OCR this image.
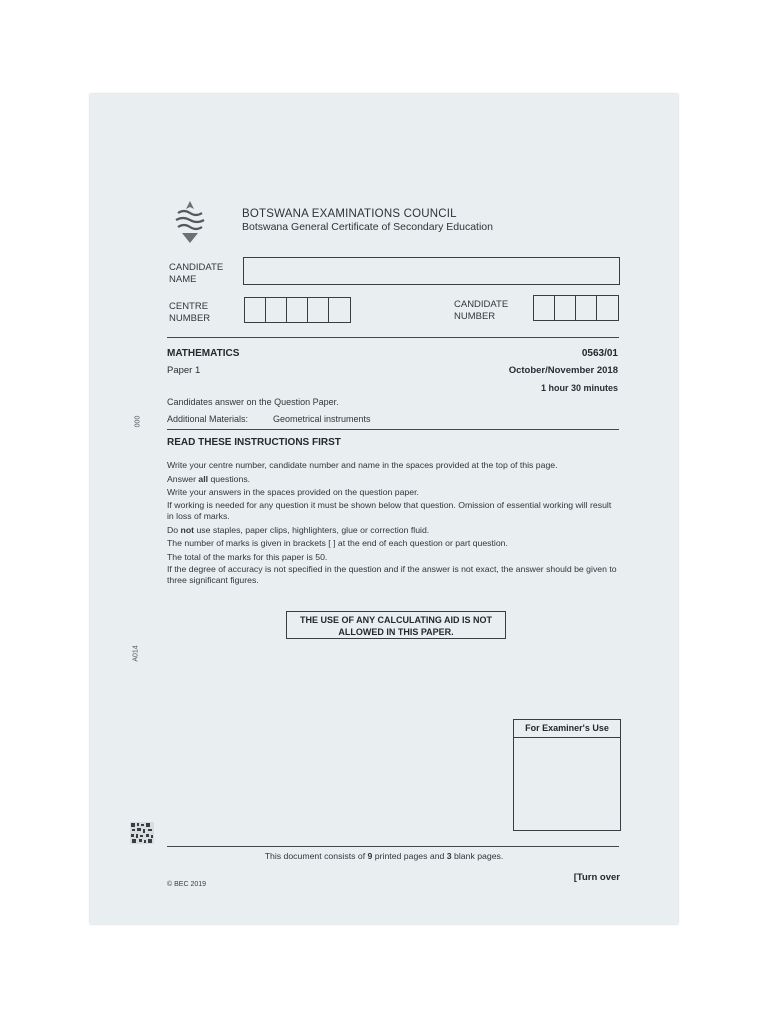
BOTSWANA EXAMINATIONS COUNCIL
Botswana General Certificate of Secondary Education
CANDIDATE
NAME
CENTRE
NUMBER
CANDIDATE
NUMBER
MATHEMATICS	0563/01
Paper 1	October/November 2018
1 hour 30 minutes
Candidates answer on the Question Paper.
Additional Materials:	Geometrical instruments
READ THESE INSTRUCTIONS FIRST

Write your centre number, candidate number and name in the spaces provided at the top of this page.

Answer all questions.

Write your answers in the spaces provided on the question paper.

If working is needed for any question it must be shown below that question. Omission of essential working will result in loss of marks.

Do not use staples, paper clips, highlighters, glue or correction fluid.

The number of marks is given in brackets [ ] at the end of each question or part question.

The total of the marks for this paper is 50.

If the degree of accuracy is not specified in the question and if the answer is not exact, the answer should be given to three significant figures.

THE USE OF ANY CALCULATING AID IS NOT
ALLOWED IN THIS PAPER.
For Examiner's Use
This document consists of 9 printed pages and 3 blank pages.
[Turn over
© BEC 2019
000
A014
